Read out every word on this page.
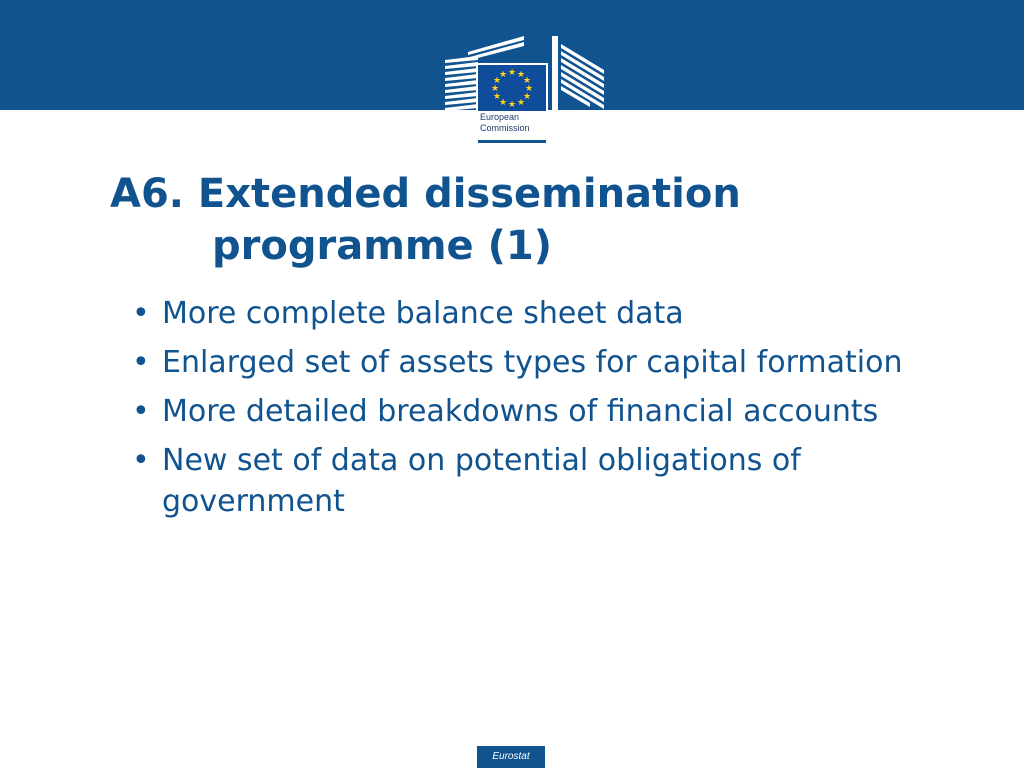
★ ★
★
★
★
★
★
★
★
★
★
★
European
Commission
A6. Extended dissemination
programme (1)
• More complete balance sheet data
• Enlarged set of assets types for capital formation
• More detailed breakdowns of financial accounts
• New set of data on potential obligations of government
Eurostat
